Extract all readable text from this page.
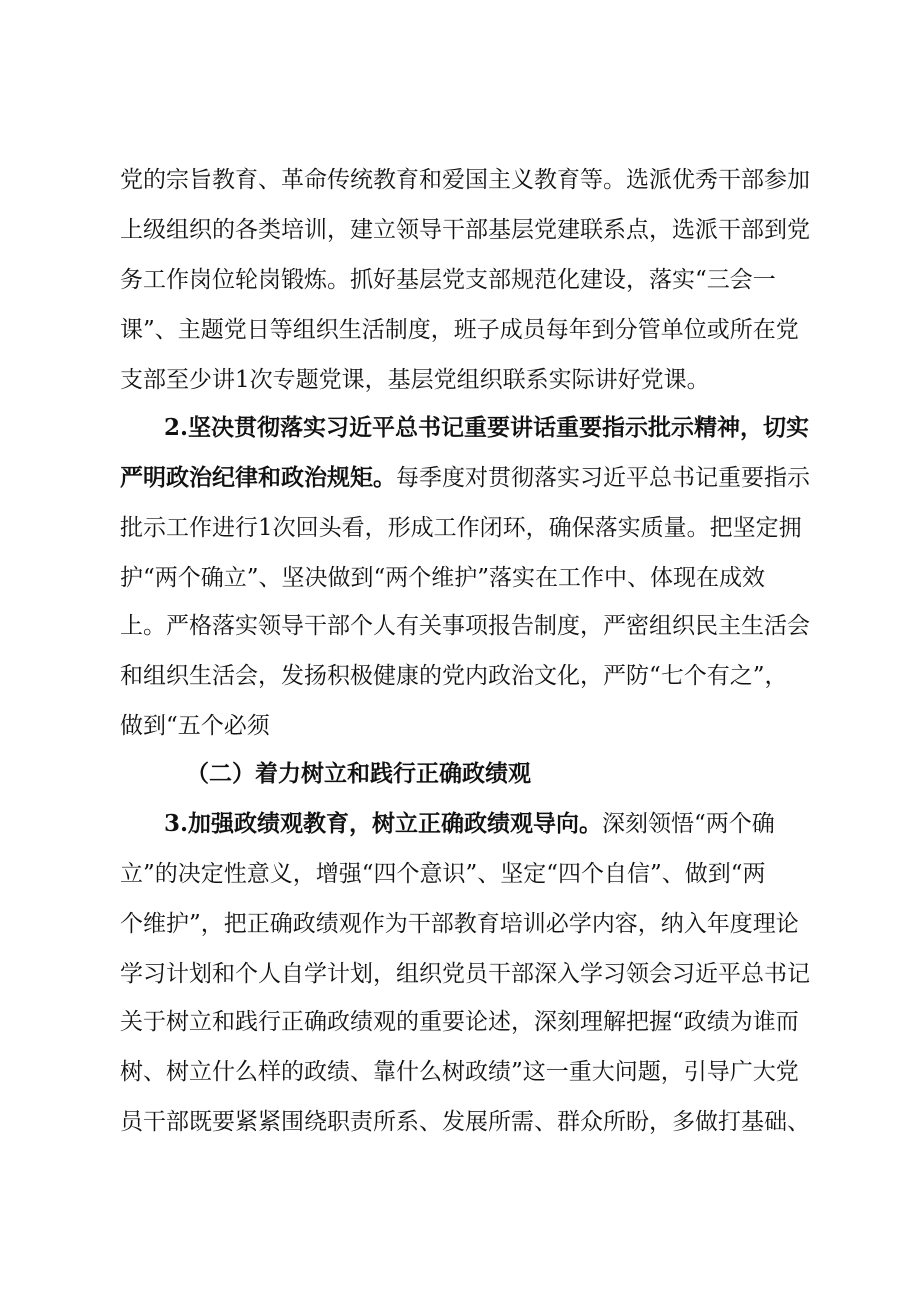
党的宗旨教育、革命传统教育和爱国主义教育等。选派优秀干部参加
上级组织的各类培训，建立领导干部基层党建联系点，选派干部到党
务工作岗位轮岗锻炼。抓好基层党支部规范化建设，落实“三会一
课”、主题党日等组织生活制度，班子成员每年到分管单位或所在党
支部至少讲1次专题党课，基层党组织联系实际讲好党课。
2.坚决贯彻落实习近平总书记重要讲话重要指示批示精神，切实
严明政治纪律和政治规矩。每季度对贯彻落实习近平总书记重要指示
批示工作进行1次回头看，形成工作闭环，确保落实质量。把坚定拥
护“两个确立”、坚决做到“两个维护”落实在工作中、体现在成效
上。严格落实领导干部个人有关事项报告制度，严密组织民主生活会
和组织生活会，发扬积极健康的党内政治文化，严防“七个有之”，
做到“五个必须
（二）着力树立和践行正确政绩观
3.加强政绩观教育，树立正确政绩观导向。深刻领悟“两个确
立”的决定性意义，增强“四个意识”、坚定“四个自信”、做到“两
个维护”，把正确政绩观作为干部教育培训必学内容，纳入年度理论
学习计划和个人自学计划，组织党员干部深入学习领会习近平总书记
关于树立和践行正确政绩观的重要论述，深刻理解把握“政绩为谁而
树、树立什么样的政绩、靠什么树政绩”这一重大问题，引导广大党
员干部既要紧紧围绕职责所系、发展所需、群众所盼，多做打基础、
